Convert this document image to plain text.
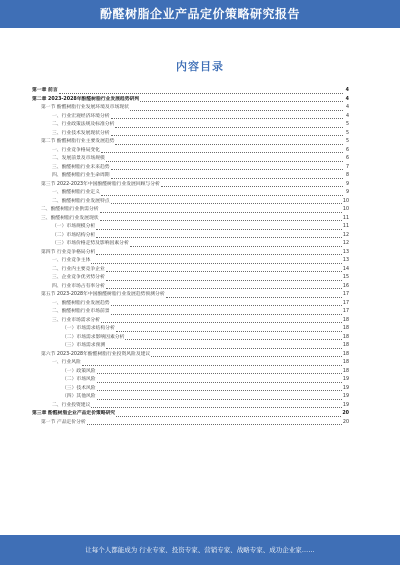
酚醛树脂企业产品定价策略研究报告
内容目录
第一章 前言	4
第二章 2023-2028年酚醛树脂行业发展趋势研判	4
第一节 酚醛树脂行业发展环境及市场现状	4
一、行业宏观经济环境分析	4
二、行业政策法规及标准分析	5
三、行业技术发展现状分析	5
第二节 酚醛树脂行业主要发展趋势	5
一、行业竞争格局变化	6
二、发展前景及市场规模	6
三、酚醛树脂行业未来趋势	7
四、酚醛树脂行业生命周期	8
第三节 2022-2023年中国酚醛树脂行业发展回顾与分析	9
一、酚醛树脂行业定义	9
二、酚醛树脂行业发展特点	10
二、酚醛树脂行业供需分析	10
三、酚醛树脂行业发展现状	11
（一）市场规模分析	11
（二）市场结构分析	12
（三）市场价格走势及影响因素分析	12
第四节 行业竞争格局分析	13
一、行业竞争主体	13
二、行业内主要竞争企业	14
三、企业竞争优劣势分析	15
四、行业市场占有率分析	16
第五节 2023-2028年中国酚醛树脂行业发展趋势预测分析	17
一、酚醛树脂行业发展趋势	17
二、酚醛树脂行业市场前景	17
三、行业市场需求分析	18
（一）市场需求结构分析	18
（二）市场需求影响因素分析	18
（三）市场需求预测	18
第六节 2023-2028年酚醛树脂行业投资风险及建议	18
一、行业风险	18
（一）政策风险	18
（二）市场风险	19
（三）技术风险	19
（四）其他风险	19
二、行业投资建议	19
第三章 酚醛树脂企业产品定价策略研究	20
第一节 产品定价分析	20
让每个人都能成为 行业专家、投资专家、营销专家、战略专家、成功企业家……
